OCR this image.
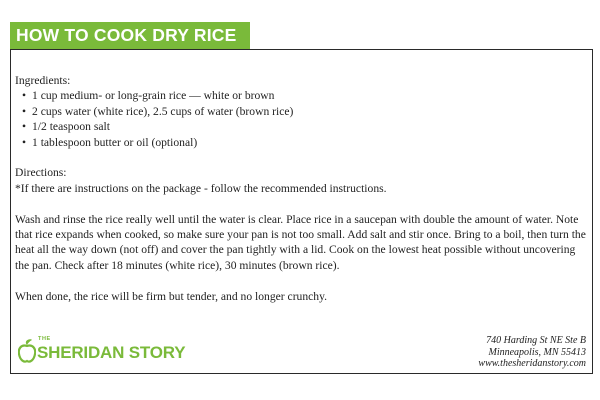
HOW TO COOK DRY RICE
Ingredients:
• 1 cup medium- or long-grain rice — white or brown
• 2 cups water (white rice), 2.5 cups of water (brown rice)
• 1/2 teaspoon salt
• 1 tablespoon butter or oil (optional)
Directions:

*If there are instructions on the package - follow the recommended instructions.

Wash and rinse the rice really well until the water is clear. Place rice in a saucepan with double the amount of water. Note that rice expands when cooked, so make sure your pan is not too small. Add salt and stir once. Bring to a boil, then turn the heat all the way down (not off) and cover the pan tightly with a lid. Cook on the lowest heat possible without uncovering the pan. Check after 18 minutes (white rice), 30 minutes (brown rice).

When done, the rice will be firm but tender, and no longer crunchy.

THE
SHERIDAN STORY
740 Harding St NE Ste B
Minneapolis, MN 55413
www.thesheridanstory.com
